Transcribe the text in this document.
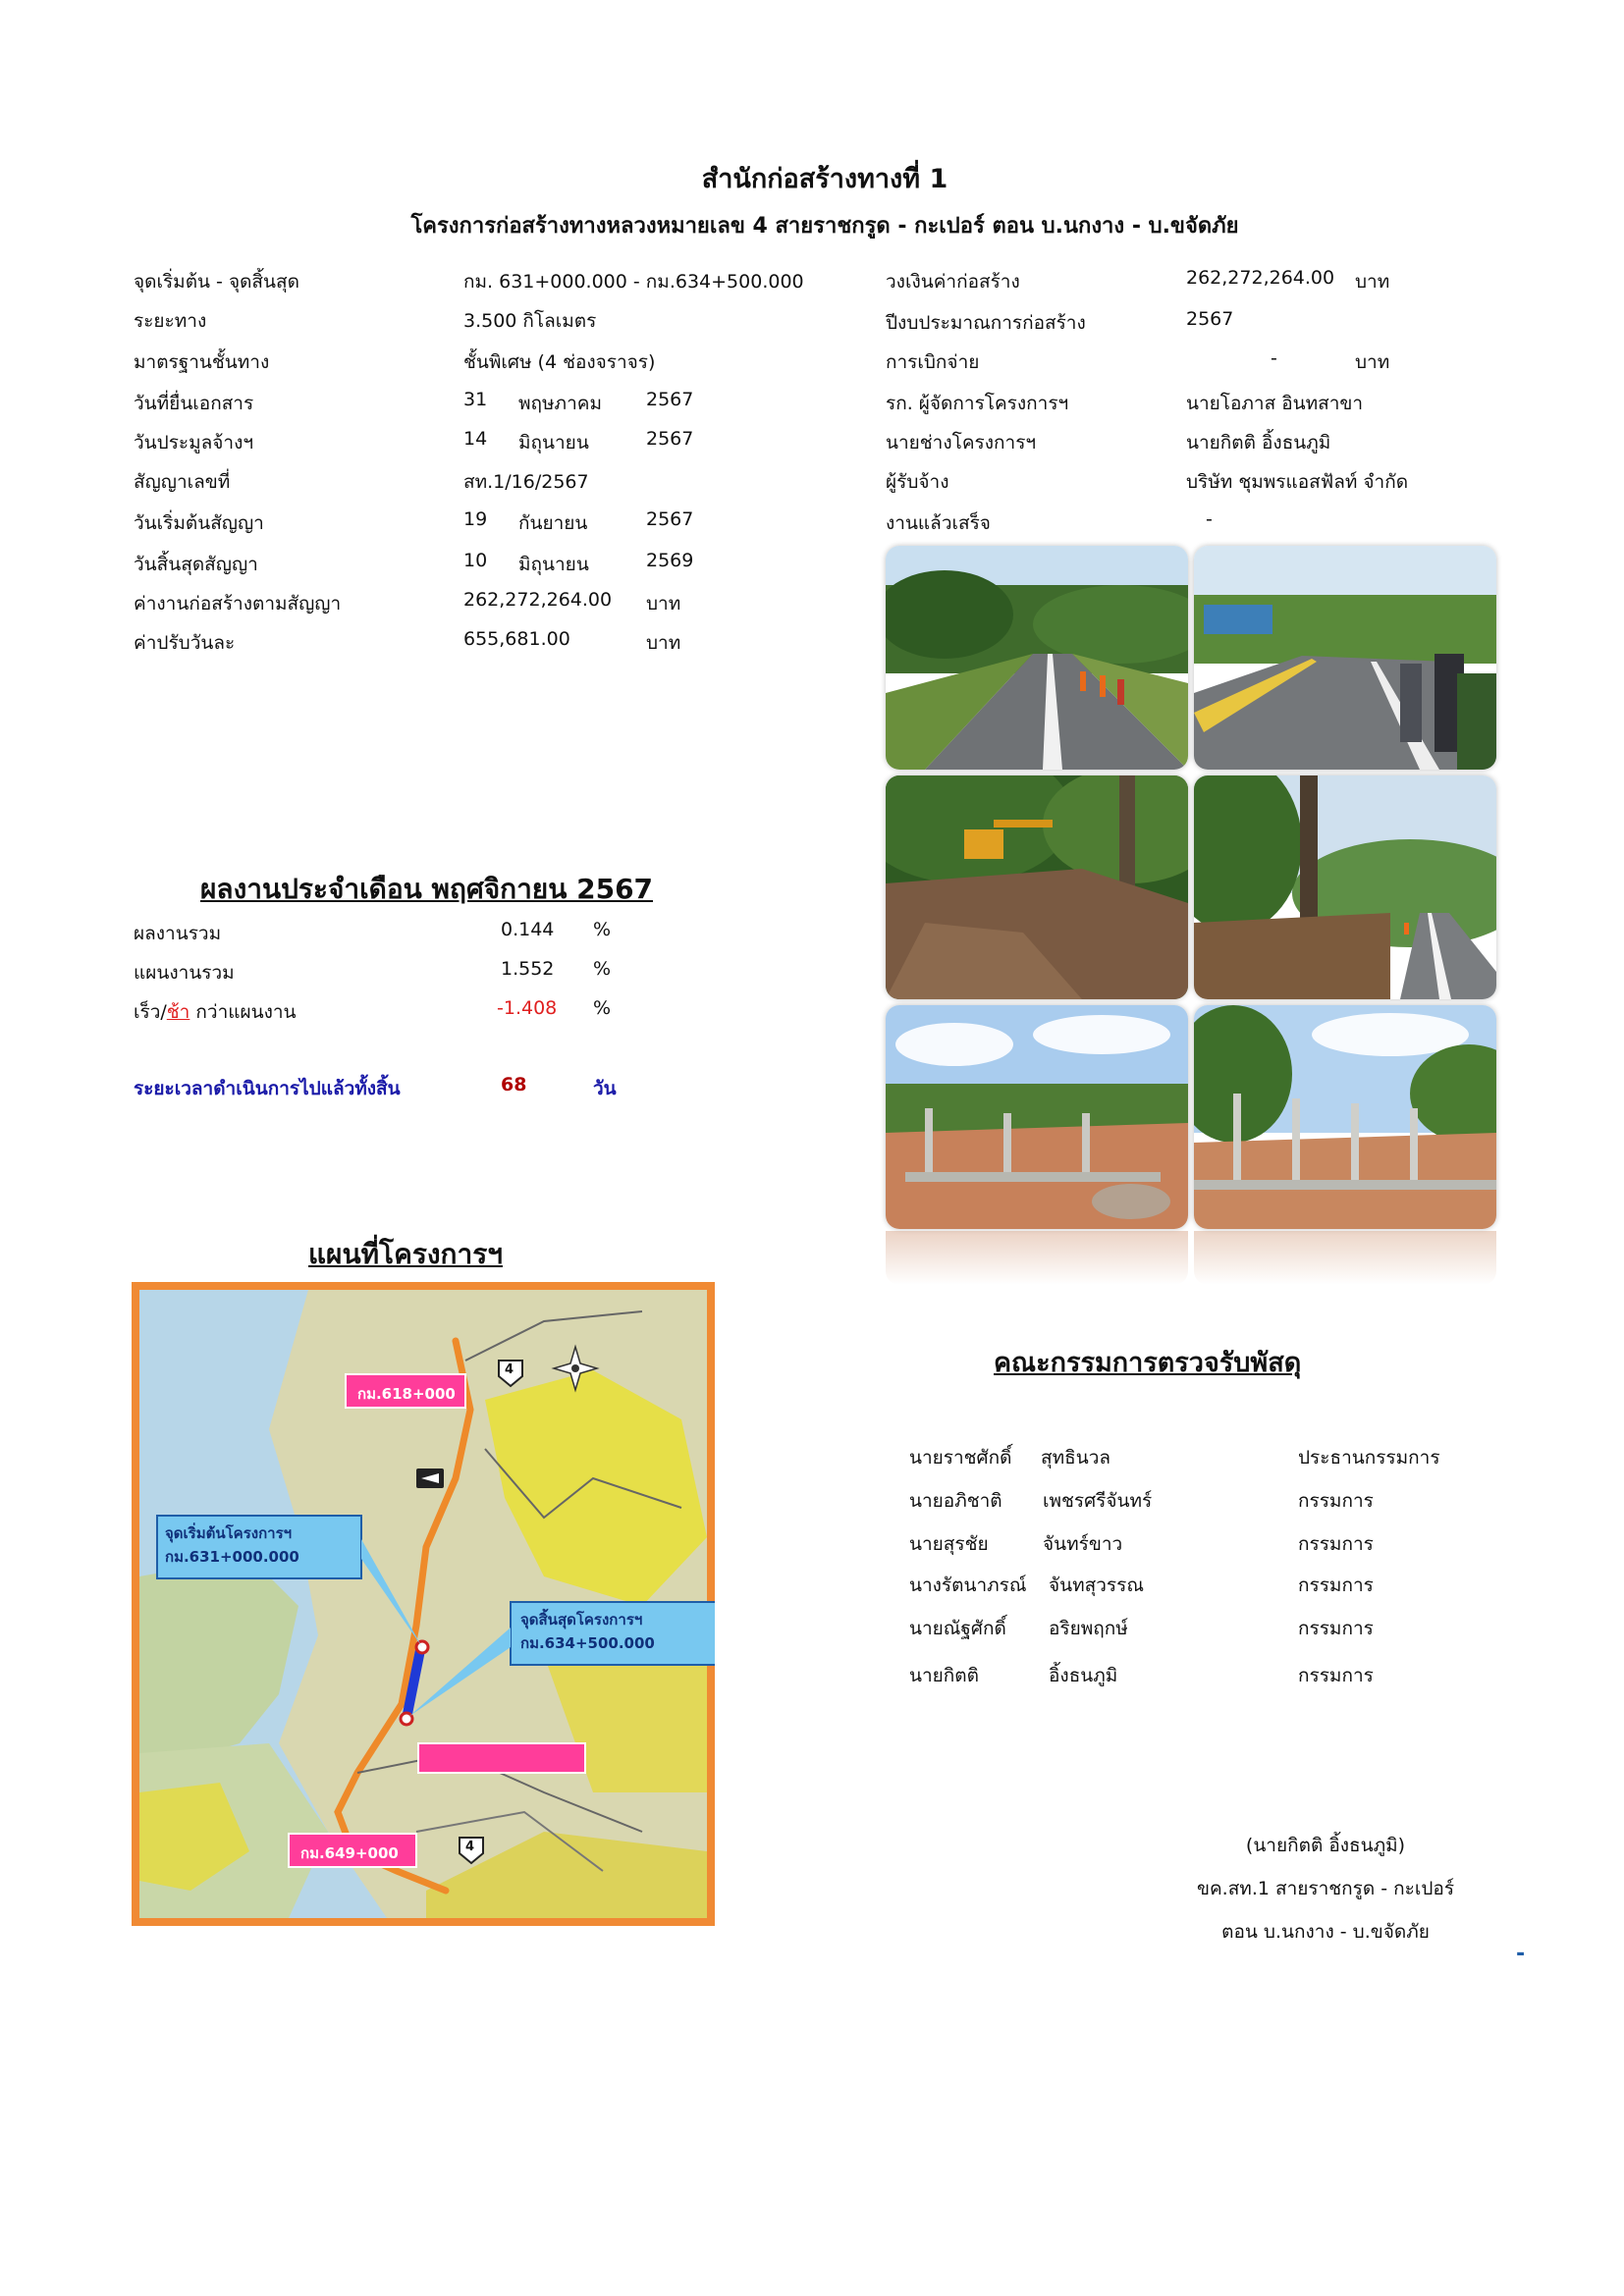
สำนักก่อสร้างทางที่ 1
โครงการก่อสร้างทางหลวงหมายเลข 4 สายราชกรูด - กะเปอร์ ตอน บ.นกงาง - บ.ขจัดภัย
จุดเริ่มต้น - จุดสิ้นสุด	กม. 631+000.000 - กม.634+500.000
ระยะทาง	3.500 กิโลเมตร
มาตรฐานชั้นทาง	ชั้นพิเศษ (4 ช่องจราจร)
วันที่ยื่นเอกสาร	31 พฤษภาคม 2567
วันประมูลจ้างฯ	14 มิถุนายน	2567
สัญญาเลขที่	สท.1/16/2567
วันเริ่มต้นสัญญา	19 กันยายน	2567
วันสิ้นสุดสัญญา	10 มิถุนายน	2569
ค่างานก่อสร้างตามสัญญา	262,272,264.00 บาท
ค่าปรับวันละ	655,681.00	บาท
วงเงินค่าก่อสร้าง	262,272,264.00 บาท
ปีงบประมาณการก่อสร้าง	2567
การเบิกจ่าย	-	บาท
รก. ผู้จัดการโครงการฯ	นายโอภาส อินทสาขา
นายช่างโครงการฯ	นายกิตติ อิ้งธนภูมิ
ผู้รับจ้าง	บริษัท ชุมพรแอสฟัลท์ จำกัด
งานแล้วเสร็จ	-
ผลงานประจำเดือน พฤศจิกายน 2567
ผลงานรวม	0.144 %
แผนงานรวม	1.552 %
เร็ว/ช้า กว่าแผนงาน	-1.408 %
ระยะเวลาดำเนินการไปแล้วทั้งสิ้น	68	วัน
แผนที่โครงการฯ
กม.618+000
จุดเริ่มต้นโครงการฯ
กม.631+000.000
จุดสิ้นสุดโครงการฯ
กม.634+500.000
กม.649+000
4
4
คณะกรรมการตรวจรับพัสดุ
นายราชศักดิ์ สุทธินวล	ประธานกรรมการ
นายอภิชาติ เพชรศรีจันทร์	กรรมการ
นายสุรชัย	จันทร์ขาว	กรรมการ
นางรัตนาภรณ์ จันทสุวรรณ	กรรมการ
นายณัฐศักดิ์ อริยพฤกษ์	กรรมการ
นายกิตติ	อิ้งธนภูมิ	กรรมการ
(นายกิตติ อิ้งธนภูมิ)
ขค.สท.1 สายราชกรูด - กะเปอร์
ตอน บ.นกงาง - บ.ขจัดภัย
-
